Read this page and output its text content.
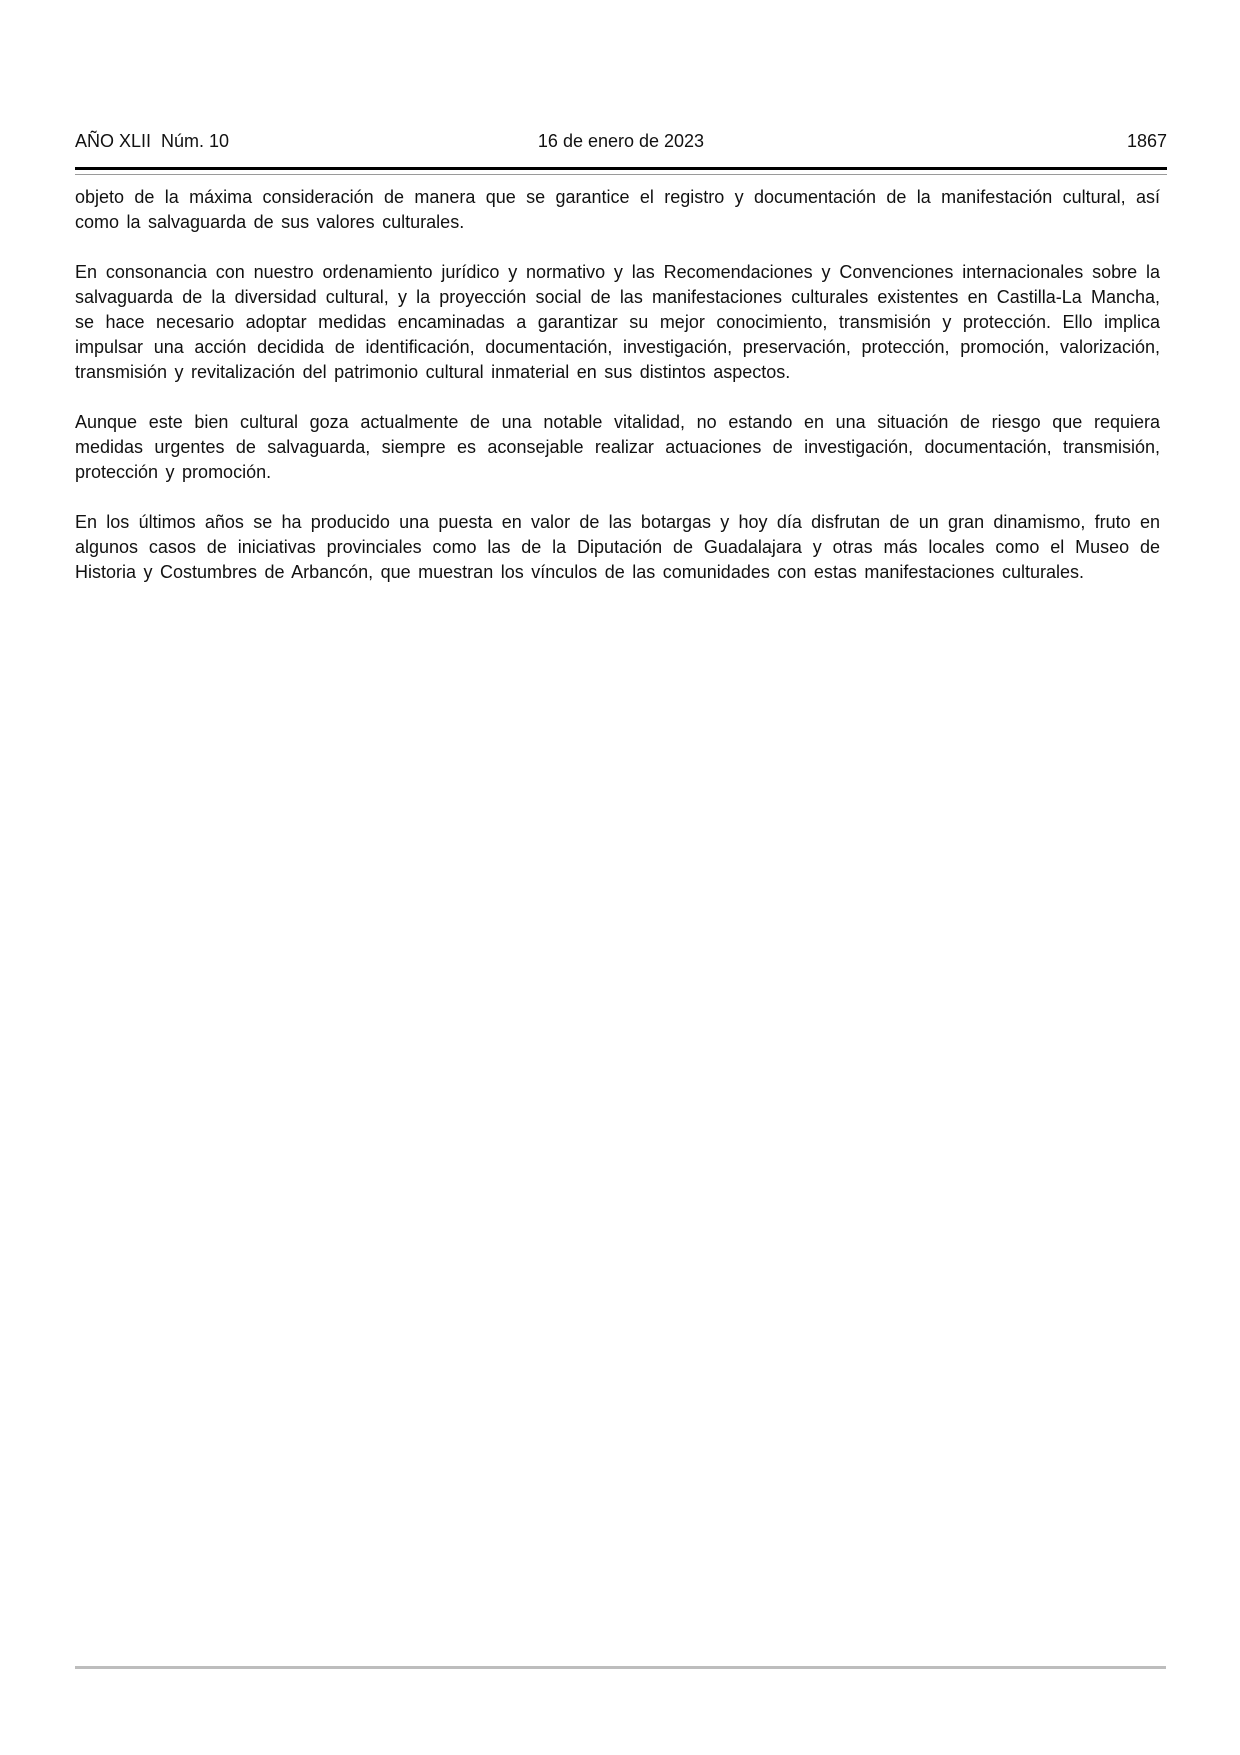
AÑO XLII  Núm. 10	16 de enero de 2023	1867

objeto de la máxima consideración de manera que se garantice el registro y documentación de la manifestación cultural, así como la salvaguarda de sus valores culturales.

En consonancia con nuestro ordenamiento jurídico y normativo y las Recomendaciones y Convenciones internacionales sobre la salvaguarda de la diversidad cultural, y la proyección social de las manifestaciones culturales existentes en Castilla-La Mancha, se hace necesario adoptar medidas encaminadas a garantizar su mejor conocimiento, transmisión y protección. Ello implica impulsar una acción decidida de identificación, documentación, investigación, preservación, protección, promoción, valorización, transmisión y revitalización del patrimonio cultural inmaterial en sus distintos aspectos.

Aunque este bien cultural goza actualmente de una notable vitalidad, no estando en una situación de riesgo que requiera medidas urgentes de salvaguarda, siempre es aconsejable realizar actuaciones de investigación, documentación, transmisión, protección y promoción.

En los últimos años se ha producido una puesta en valor de las botargas y hoy día disfrutan de un gran dinamismo, fruto en algunos casos de iniciativas provinciales como las de la Diputación de Guadalajara y otras más locales como el Museo de Historia y Costumbres de Arbancón, que muestran los vínculos de las comunidades con estas manifestaciones culturales.
